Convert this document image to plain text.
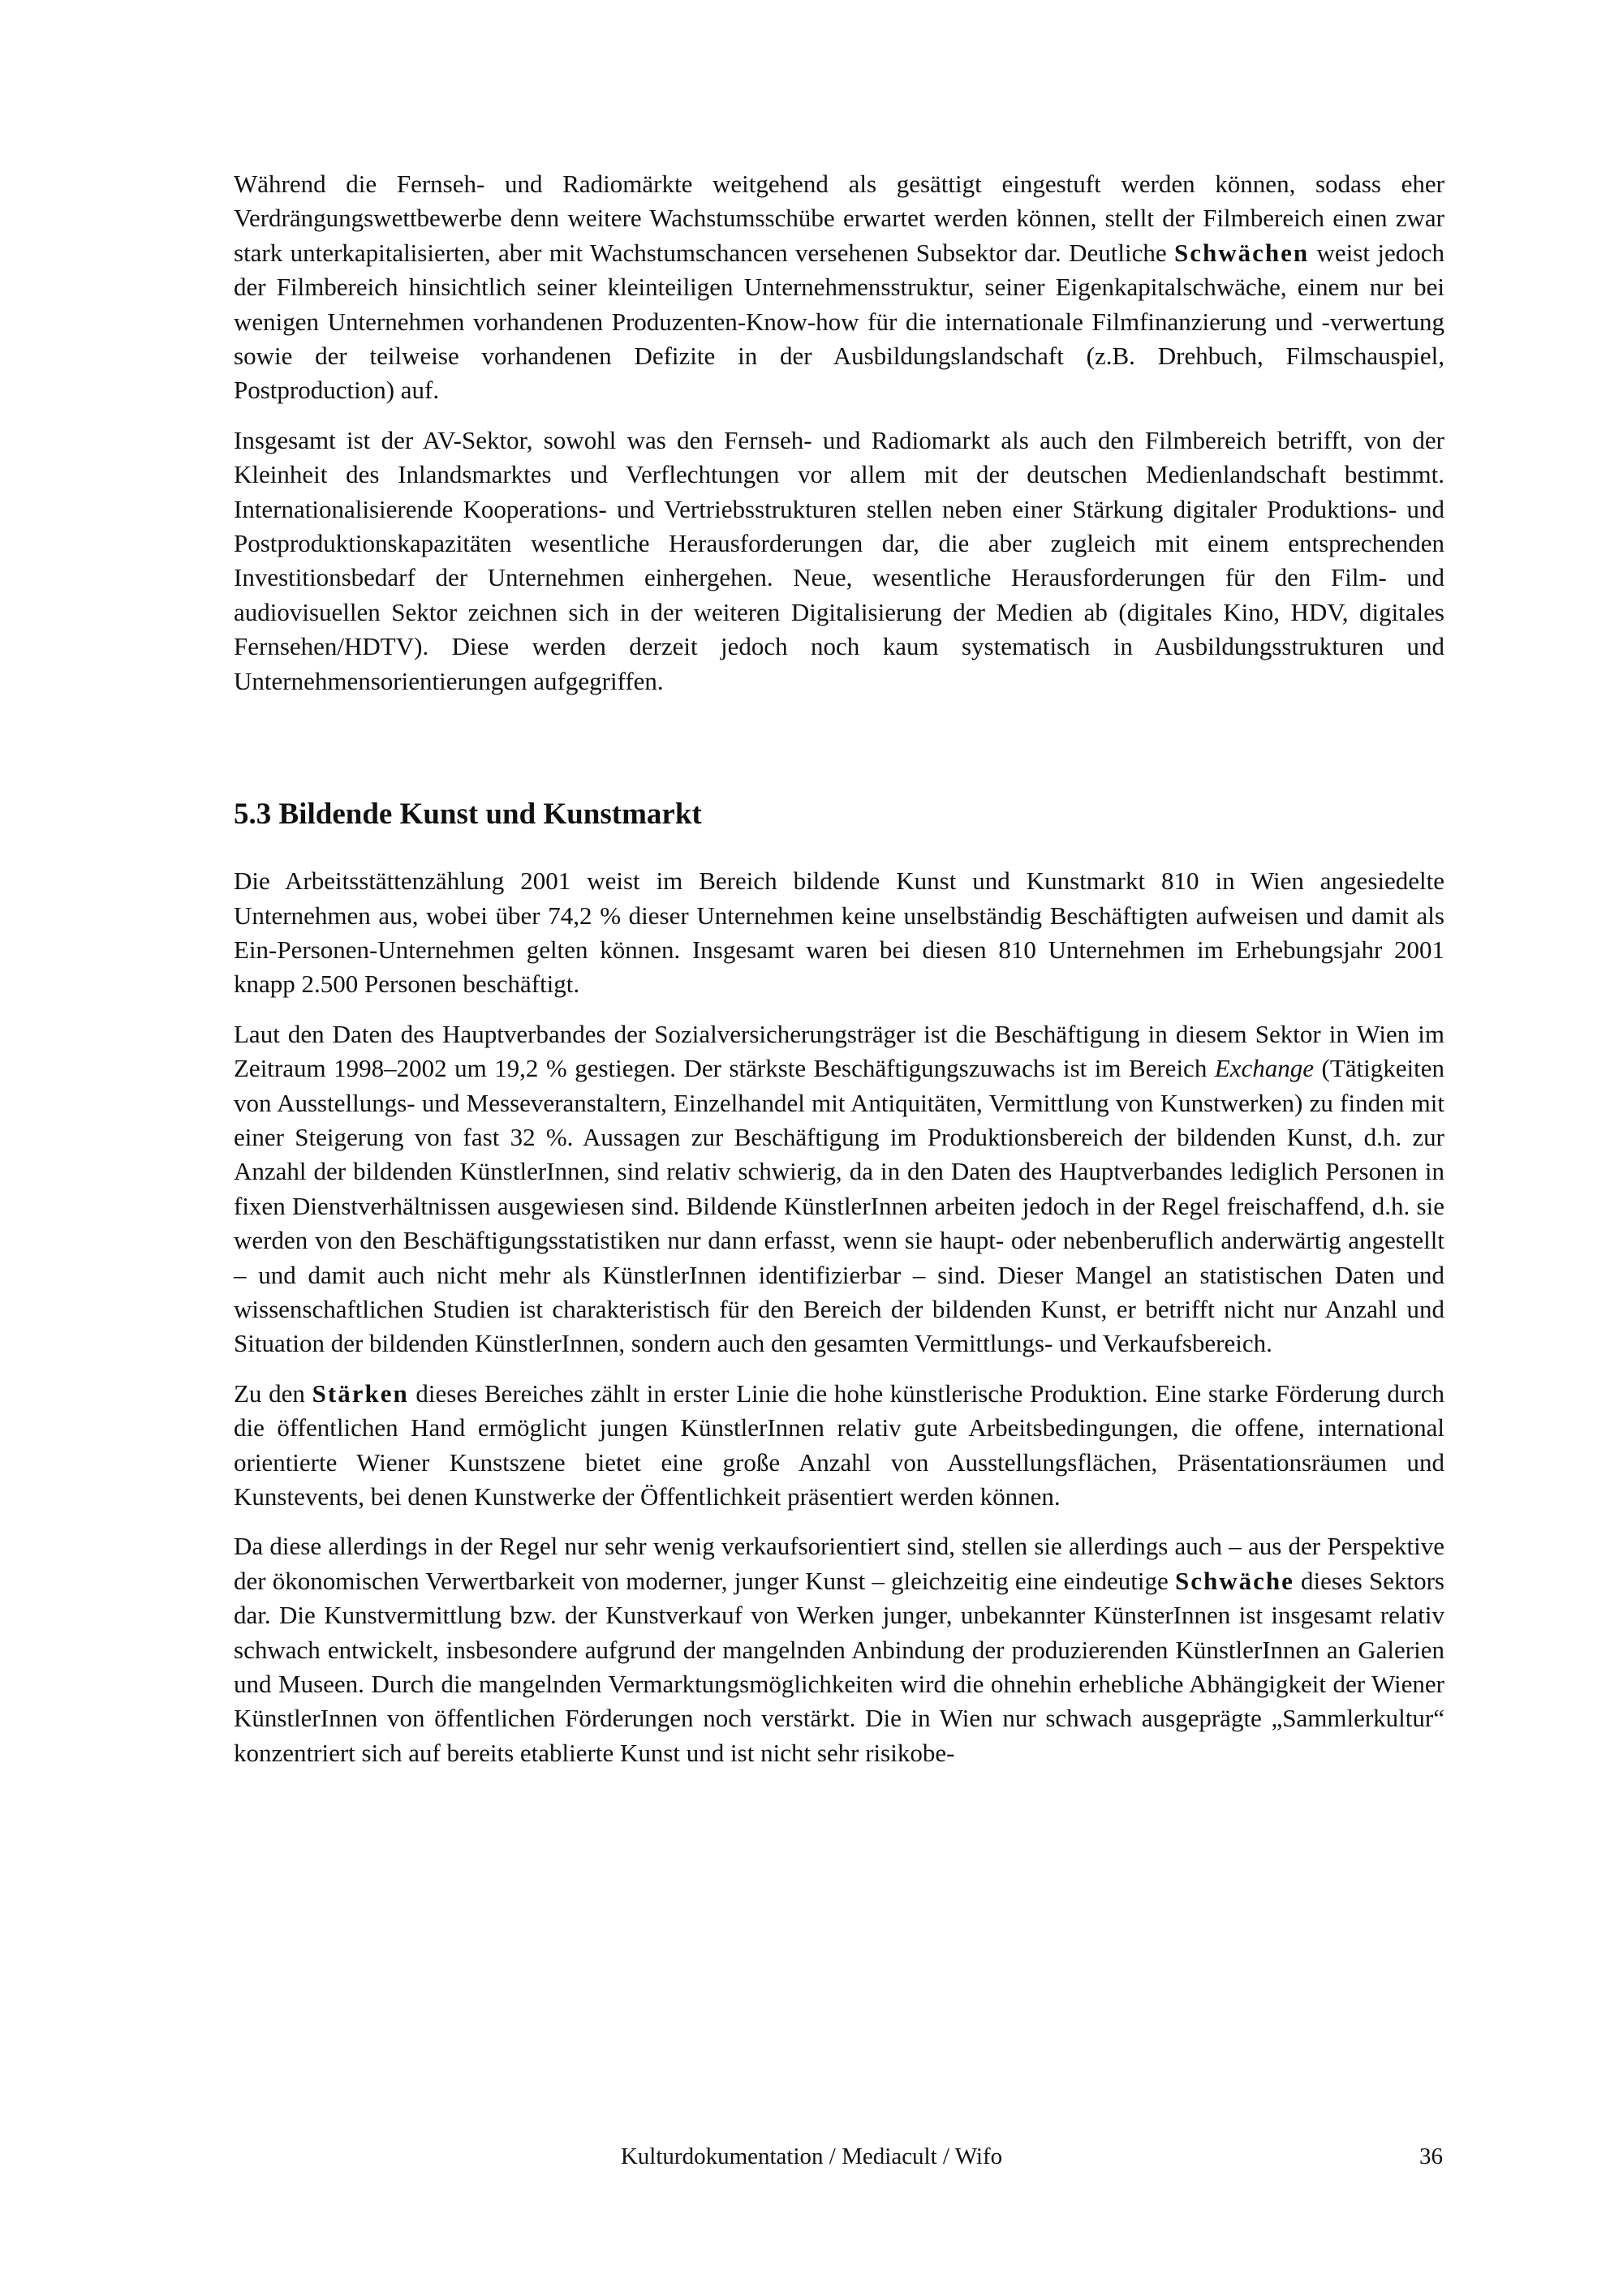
Während die Fernseh- und Radiomärkte weitgehend als gesättigt eingestuft werden können, sodass eher Verdrängungswettbewerbe denn weitere Wachstumsschübe erwartet werden können, stellt der Filmbereich einen zwar stark unterkapitalisierten, aber mit Wachstumschancen versehenen Subsektor dar. Deutliche Schwächen weist jedoch der Filmbereich hinsichtlich seiner kleinteiligen Unternehmensstruktur, seiner Eigenkapitalschwäche, einem nur bei wenigen Unternehmen vorhandenen Produzenten-Know-how für die internationale Filmfinanzierung und -verwertung sowie der teilweise vorhandenen Defizite in der Ausbildungslandschaft (z.B. Drehbuch, Filmschauspiel, Postproduction) auf.

Insgesamt ist der AV-Sektor, sowohl was den Fernseh- und Radiomarkt als auch den Filmbereich betrifft, von der Kleinheit des Inlandsmarktes und Verflechtungen vor allem mit der deutschen Medienlandschaft bestimmt. Internationalisierende Kooperations- und Vertriebsstrukturen stellen neben einer Stärkung digitaler Produktions- und Postproduktionskapazitäten wesentliche Herausforderungen dar, die aber zugleich mit einem entsprechenden Investitionsbedarf der Unternehmen einhergehen. Neue, wesentliche Herausforderungen für den Film- und audiovisuellen Sektor zeichnen sich in der weiteren Digitalisierung der Medien ab (digitales Kino, HDV, digitales Fernsehen/HDTV). Diese werden derzeit jedoch noch kaum systematisch in Ausbildungsstrukturen und Unternehmensorientierungen aufgegriffen.

5.3 Bildende Kunst und Kunstmarkt

Die Arbeitsstättenzählung 2001 weist im Bereich bildende Kunst und Kunstmarkt 810 in Wien angesiedelte Unternehmen aus, wobei über 74,2 % dieser Unternehmen keine unselbständig Beschäftigten aufweisen und damit als Ein-Personen-Unternehmen gelten können. Insgesamt waren bei diesen 810 Unternehmen im Erhebungsjahr 2001 knapp 2.500 Personen beschäftigt.

Laut den Daten des Hauptverbandes der Sozialversicherungsträger ist die Beschäftigung in diesem Sektor in Wien im Zeitraum 1998–2002 um 19,2 % gestiegen. Der stärkste Beschäftigungszuwachs ist im Bereich Exchange (Tätigkeiten von Ausstellungs- und Messeveranstaltern, Einzelhandel mit Antiquitäten, Vermittlung von Kunstwerken) zu finden mit einer Steigerung von fast 32 %. Aussagen zur Beschäftigung im Produktionsbereich der bildenden Kunst, d.h. zur Anzahl der bildenden KünstlerInnen, sind relativ schwierig, da in den Daten des Hauptverbandes lediglich Personen in fixen Dienstverhältnissen ausgewiesen sind. Bildende KünstlerInnen arbeiten jedoch in der Regel freischaffend, d.h. sie werden von den Beschäftigungsstatistiken nur dann erfasst, wenn sie haupt- oder nebenberuflich anderwärtig angestellt – und damit auch nicht mehr als KünstlerInnen identifizierbar – sind. Dieser Mangel an statistischen Daten und wissenschaftlichen Studien ist charakteristisch für den Bereich der bildenden Kunst, er betrifft nicht nur Anzahl und Situation der bildenden KünstlerInnen, sondern auch den gesamten Vermittlungs- und Verkaufsbereich.

Zu den Stärken dieses Bereiches zählt in erster Linie die hohe künstlerische Produktion. Eine starke Förderung durch die öffentlichen Hand ermöglicht jungen KünstlerInnen relativ gute Arbeitsbedingungen, die offene, international orientierte Wiener Kunstszene bietet eine große Anzahl von Ausstellungsflächen, Präsentationsräumen und Kunstevents, bei denen Kunstwerke der Öffentlichkeit präsentiert werden können.

Da diese allerdings in der Regel nur sehr wenig verkaufsorientiert sind, stellen sie allerdings auch – aus der Perspektive der ökonomischen Verwertbarkeit von moderner, junger Kunst – gleichzeitig eine eindeutige Schwäche dieses Sektors dar. Die Kunstvermittlung bzw. der Kunstverkauf von Werken junger, unbekannter KünsterInnen ist insgesamt relativ schwach entwickelt, insbesondere aufgrund der mangelnden Anbindung der produzierenden KünstlerInnen an Galerien und Museen. Durch die mangelnden Vermarktungsmöglichkeiten wird die ohnehin erhebliche Abhängigkeit der Wiener KünstlerInnen von öffentlichen Förderungen noch verstärkt. Die in Wien nur schwach ausgeprägte „Sammlerkultur“ konzentriert sich auf bereits etablierte Kunst und ist nicht sehr risikobe-

Kulturdokumentation / Mediacult / Wifo	36
